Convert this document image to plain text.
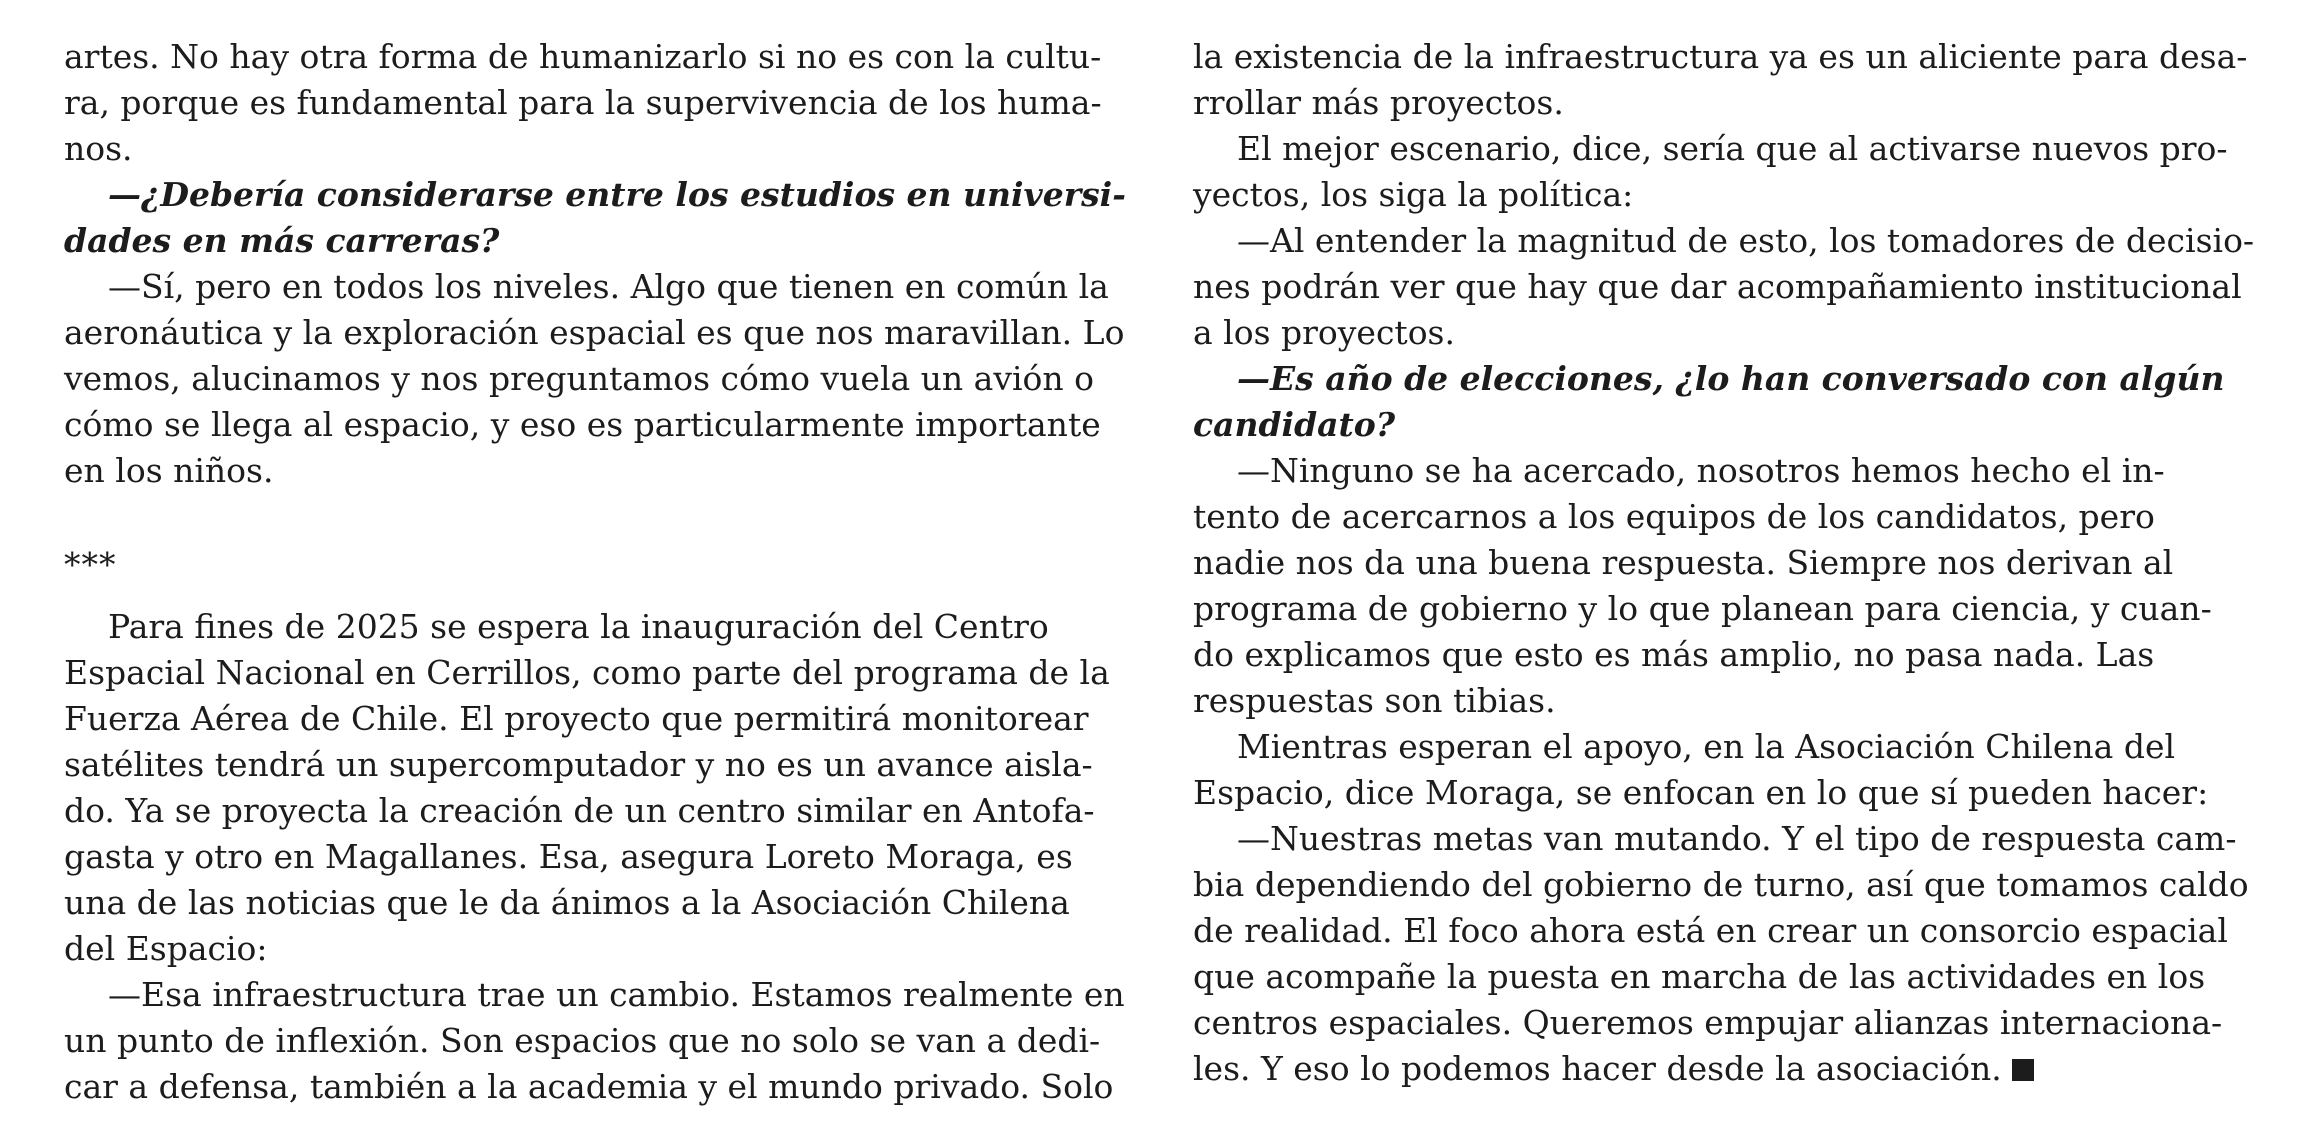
artes. No hay otra forma de humanizarlo si no es con la cultu-
ra, porque es fundamental para la supervivencia de los huma-
nos.
—¿Debería considerarse entre los estudios en universi-
dades en más carreras?
—Sí, pero en todos los niveles. Algo que tienen en común la
aeronáutica y la exploración espacial es que nos maravillan. Lo
vemos, alucinamos y nos preguntamos cómo vuela un avión o
cómo se llega al espacio, y eso es particularmente importante
en los niños.
***
Para fines de 2025 se espera la inauguración del Centro
Espacial Nacional en Cerrillos, como parte del programa de la
Fuerza Aérea de Chile. El proyecto que permitirá monitorear
satélites tendrá un supercomputador y no es un avance aisla-
do. Ya se proyecta la creación de un centro similar en Antofa-
gasta y otro en Magallanes. Esa, asegura Loreto Moraga, es
una de las noticias que le da ánimos a la Asociación Chilena
del Espacio:
—Esa infraestructura trae un cambio. Estamos realmente en
un punto de inflexión. Son espacios que no solo se van a dedi-
car a defensa, también a la academia y el mundo privado. Solo
la existencia de la infraestructura ya es un aliciente para desa-
rrollar más proyectos.
El mejor escenario, dice, sería que al activarse nuevos pro-
yectos, los siga la política:
—Al entender la magnitud de esto, los tomadores de decisio-
nes podrán ver que hay que dar acompañamiento institucional
a los proyectos.
—Es año de elecciones, ¿lo han conversado con algún
candidato?
—Ninguno se ha acercado, nosotros hemos hecho el in-
tento de acercarnos a los equipos de los candidatos, pero
nadie nos da una buena respuesta. Siempre nos derivan al
programa de gobierno y lo que planean para ciencia, y cuan-
do explicamos que esto es más amplio, no pasa nada. Las
respuestas son tibias.
Mientras esperan el apoyo, en la Asociación Chilena del
Espacio, dice Moraga, se enfocan en lo que sí pueden hacer:
—Nuestras metas van mutando. Y el tipo de respuesta cam-
bia dependiendo del gobierno de turno, así que tomamos caldo
de realidad. El foco ahora está en crear un consorcio espacial
que acompañe la puesta en marcha de las actividades en los
centros espaciales. Queremos empujar alianzas internaciona-
les. Y eso lo podemos hacer desde la asociación.
